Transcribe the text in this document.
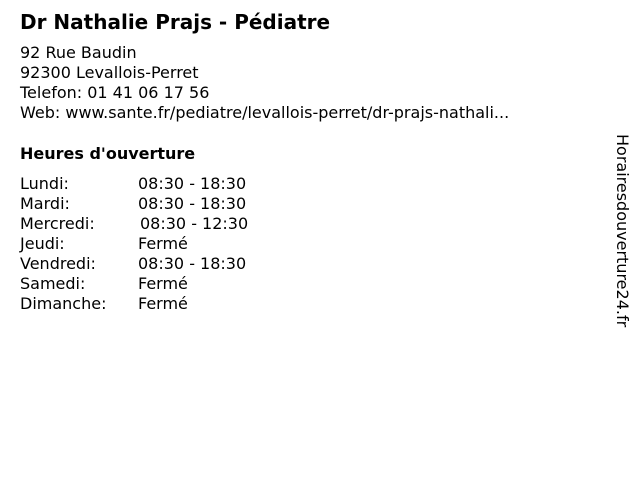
Dr Nathalie Prajs - Pédiatre
92 Rue Baudin
92300 Levallois-Perret
Telefon: 01 41 06 17 56
Web: www.sante.fr/pediatre/levallois-perret/dr-prajs-nathali...
Heures d'ouverture
Lundi:	08:30 - 18:30
Mardi:	08:30 - 18:30
Mercredi:	08:30 - 12:30
Jeudi:	Fermé
Vendredi:	08:30 - 18:30
Samedi:	Fermé
Dimanche: Fermé	Horairesdouverture24.fr
